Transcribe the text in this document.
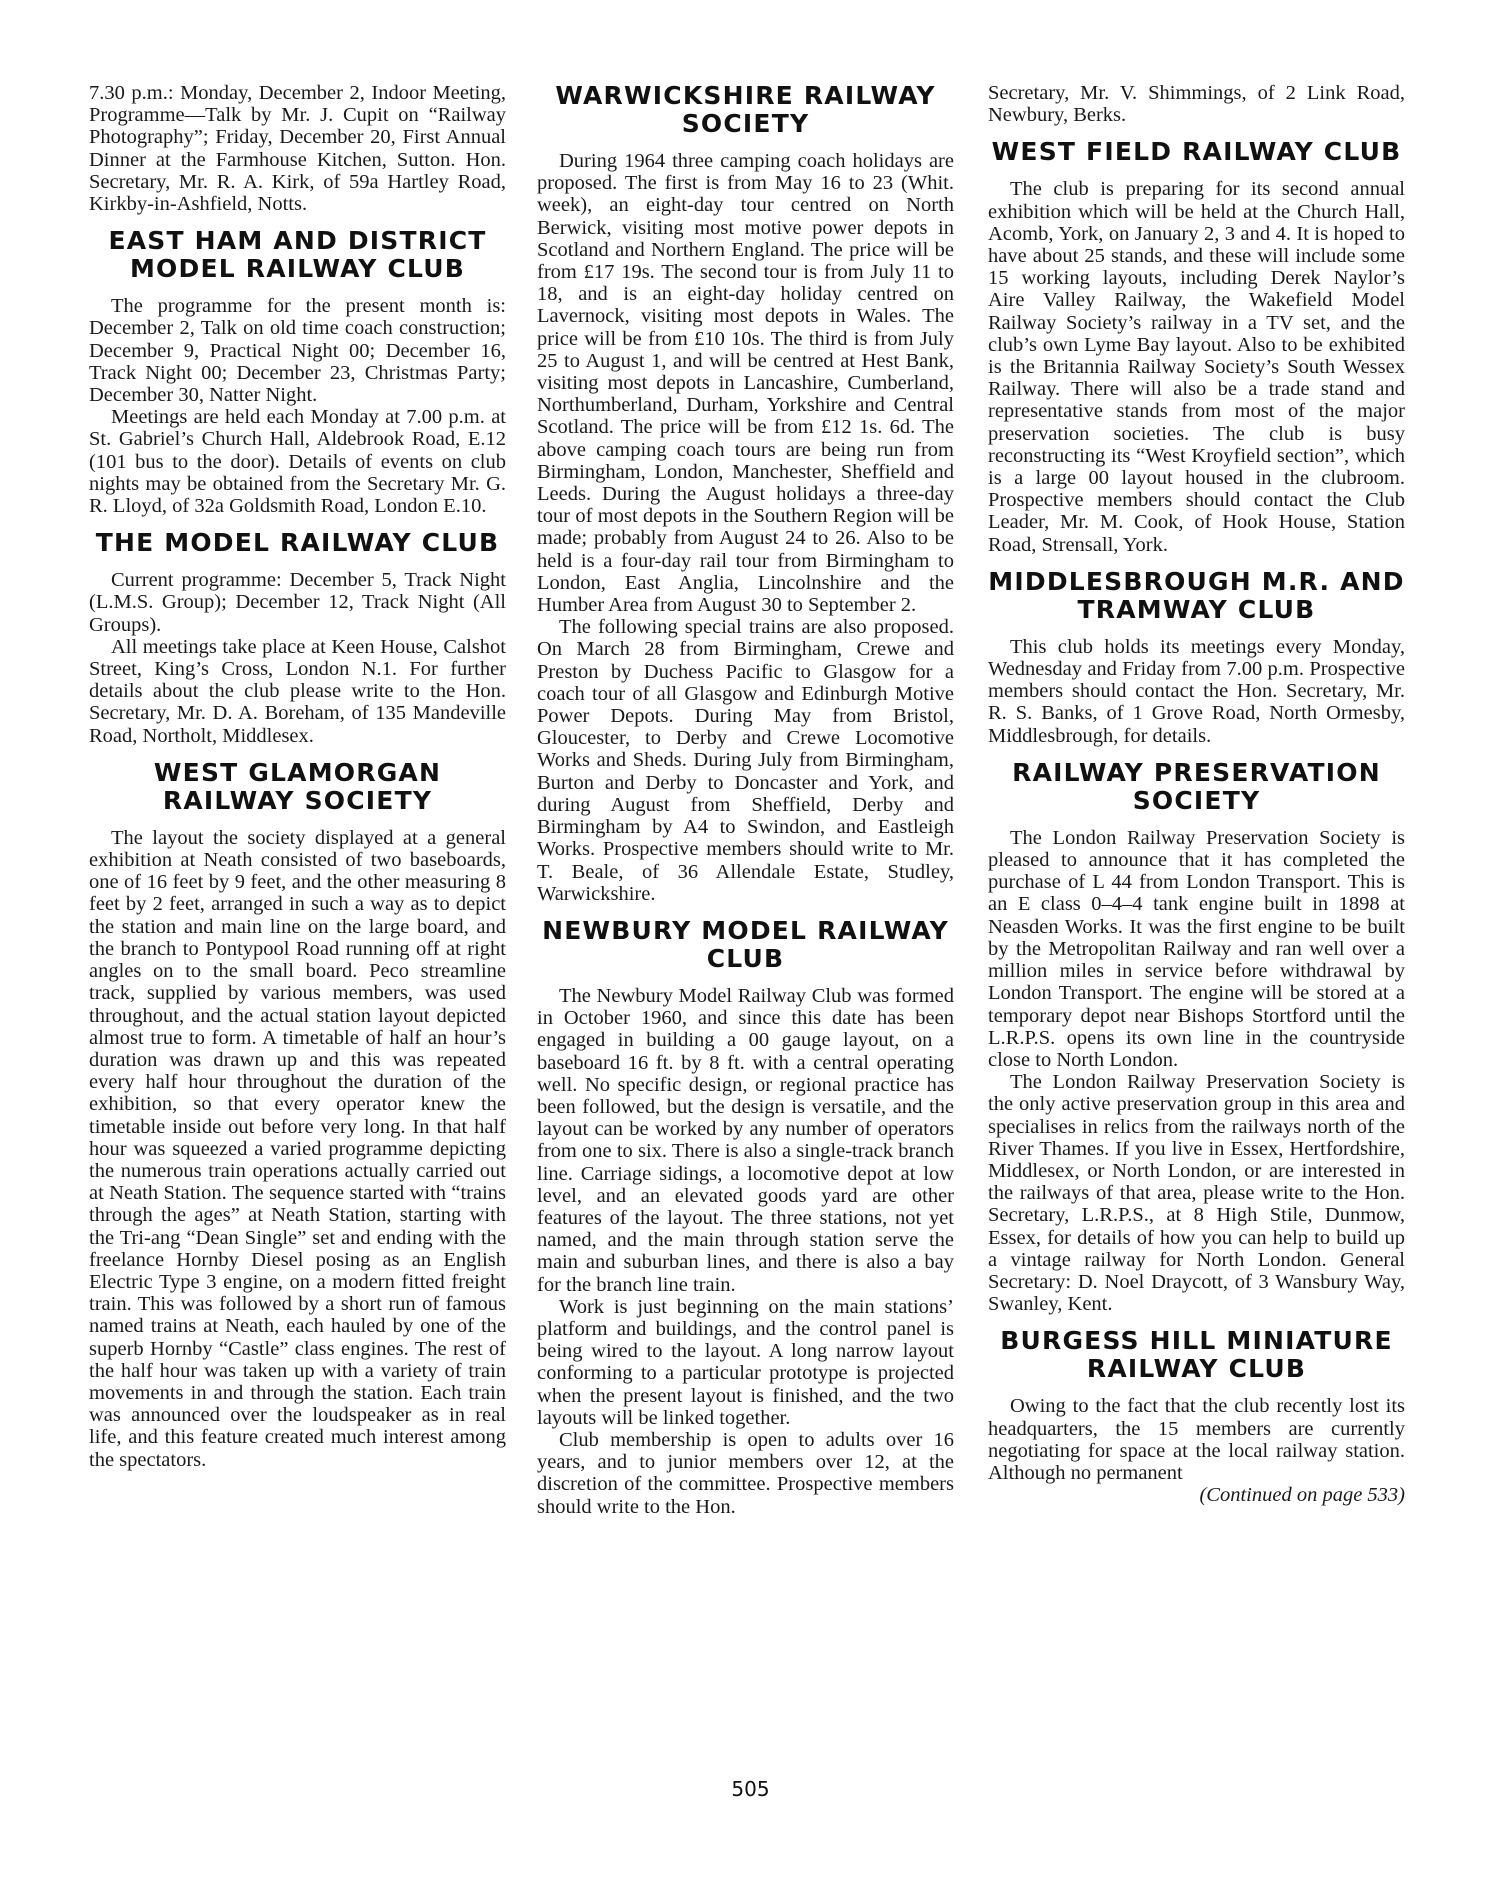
7.30 p.m.: Monday, December 2, Indoor Meeting, Programme—Talk by Mr. J. Cupit on “Railway Photography”; Friday, December 20, First Annual Dinner at the Farmhouse Kitchen, Sutton. Hon. Secretary, Mr. R. A. Kirk, of 59a Hartley Road, Kirkby-in-Ashfield, Notts.

EAST HAM AND DISTRICT MODEL RAILWAY CLUB

The programme for the present month is: December 2, Talk on old time coach construction; December 9, Practical Night 00; December 16, Track Night 00; December 23, Christmas Party; December 30, Natter Night.

Meetings are held each Monday at 7.00 p.m. at St. Gabriel’s Church Hall, Aldebrook Road, E.12 (101 bus to the door). Details of events on club nights may be obtained from the Secretary Mr. G. R. Lloyd, of 32a Goldsmith Road, London E.10.

THE MODEL RAILWAY CLUB

Current programme: December 5, Track Night (L.M.S. Group); December 12, Track Night (All Groups).

All meetings take place at Keen House, Calshot Street, King’s Cross, London N.1. For further details about the club please write to the Hon. Secretary, Mr. D. A. Boreham, of 135 Mandeville Road, Northolt, Middlesex.

WEST GLAMORGAN RAILWAY SOCIETY

The layout the society displayed at a general exhibition at Neath consisted of two baseboards, one of 16 feet by 9 feet, and the other measuring 8 feet by 2 feet, arranged in such a way as to depict the station and main line on the large board, and the branch to Pontypool Road running off at right angles on to the small board. Peco streamline track, supplied by various members, was used throughout, and the actual station layout depicted almost true to form. A timetable of half an hour’s duration was drawn up and this was repeated every half hour throughout the duration of the exhibition, so that every operator knew the timetable inside out before very long. In that half hour was squeezed a varied programme depicting the numerous train operations actually carried out at Neath Station. The sequence started with “trains through the ages” at Neath Station, starting with the Tri-ang “Dean Single” set and ending with the freelance Hornby Diesel posing as an English Electric Type 3 engine, on a modern fitted freight train. This was followed by a short run of famous named trains at Neath, each hauled by one of the superb Hornby “Castle” class engines. The rest of the half hour was taken up with a variety of train movements in and through the station. Each train was announced over the loudspeaker as in real life, and this feature created much interest among the spectators.

WARWICKSHIRE RAILWAY SOCIETY

During 1964 three camping coach holidays are proposed. The first is from May 16 to 23 (Whit. week), an eight-day tour centred on North Berwick, visiting most motive power depots in Scotland and Northern England. The price will be from £17 19s. The second tour is from July 11 to 18, and is an eight-day holiday centred on Lavernock, visiting most depots in Wales. The price will be from £10 10s. The third is from July 25 to August 1, and will be centred at Hest Bank, visiting most depots in Lancashire, Cumberland, Northumberland, Durham, Yorkshire and Central Scotland. The price will be from £12 1s. 6d. The above camping coach tours are being run from Birmingham, London, Manchester, Sheffield and Leeds. During the August holidays a three-day tour of most depots in the Southern Region will be made; probably from August 24 to 26. Also to be held is a four-day rail tour from Birmingham to London, East Anglia, Lincolnshire and the Humber Area from August 30 to September 2.

The following special trains are also proposed. On March 28 from Birmingham, Crewe and Preston by Duchess Pacific to Glasgow for a coach tour of all Glasgow and Edinburgh Motive Power Depots. During May from Bristol, Gloucester, to Derby and Crewe Locomotive Works and Sheds. During July from Birmingham, Burton and Derby to Doncaster and York, and during August from Sheffield, Derby and Birmingham by A4 to Swindon, and Eastleigh Works. Prospective members should write to Mr. T. Beale, of 36 Allendale Estate, Studley, Warwickshire.

NEWBURY MODEL RAILWAY CLUB

The Newbury Model Railway Club was formed in October 1960, and since this date has been engaged in building a 00 gauge layout, on a baseboard 16 ft. by 8 ft. with a central operating well. No specific design, or regional practice has been followed, but the design is versatile, and the layout can be worked by any number of operators from one to six. There is also a single-track branch line. Carriage sidings, a locomotive depot at low level, and an elevated goods yard are other features of the layout. The three stations, not yet named, and the main through station serve the main and suburban lines, and there is also a bay for the branch line train.

Work is just beginning on the main stations’ platform and buildings, and the control panel is being wired to the layout. A long narrow layout conforming to a particular prototype is projected when the present layout is finished, and the two layouts will be linked together.

Club membership is open to adults over 16 years, and to junior members over 12, at the discretion of the committee. Prospective members should write to the Hon.

Secretary, Mr. V. Shimmings, of 2 Link Road, Newbury, Berks.

WEST FIELD RAILWAY CLUB

The club is preparing for its second annual exhibition which will be held at the Church Hall, Acomb, York, on January 2, 3 and 4. It is hoped to have about 25 stands, and these will include some 15 working layouts, including Derek Naylor’s Aire Valley Railway, the Wakefield Model Railway Society’s railway in a TV set, and the club’s own Lyme Bay layout. Also to be exhibited is the Britannia Railway Society’s South Wessex Railway. There will also be a trade stand and representative stands from most of the major preservation societies. The club is busy reconstructing its “West Kroyfield section”, which is a large 00 layout housed in the clubroom. Prospective members should contact the Club Leader, Mr. M. Cook, of Hook House, Station Road, Strensall, York.

MIDDLESBROUGH M.R. AND TRAMWAY CLUB

This club holds its meetings every Monday, Wednesday and Friday from 7.00 p.m. Prospective members should contact the Hon. Secretary, Mr. R. S. Banks, of 1 Grove Road, North Ormesby, Middlesbrough, for details.

RAILWAY PRESERVATION SOCIETY

The London Railway Preservation Society is pleased to announce that it has completed the purchase of L 44 from London Transport. This is an E class 0–4–4 tank engine built in 1898 at Neasden Works. It was the first engine to be built by the Metropolitan Railway and ran well over a million miles in service before withdrawal by London Transport. The engine will be stored at a temporary depot near Bishops Stortford until the L.R.P.S. opens its own line in the countryside close to North London.

The London Railway Preservation Society is the only active preservation group in this area and specialises in relics from the railways north of the River Thames. If you live in Essex, Hertfordshire, Middlesex, or North London, or are interested in the railways of that area, please write to the Hon. Secretary, L.R.P.S., at 8 High Stile, Dunmow, Essex, for details of how you can help to build up a vintage railway for North London. General Secretary: D. Noel Draycott, of 3 Wansbury Way, Swanley, Kent.

BURGESS HILL MINIATURE RAILWAY CLUB

Owing to the fact that the club recently lost its headquarters, the 15 members are currently negotiating for space at the local railway station. Although no permanent

(Continued on page 533)

505
